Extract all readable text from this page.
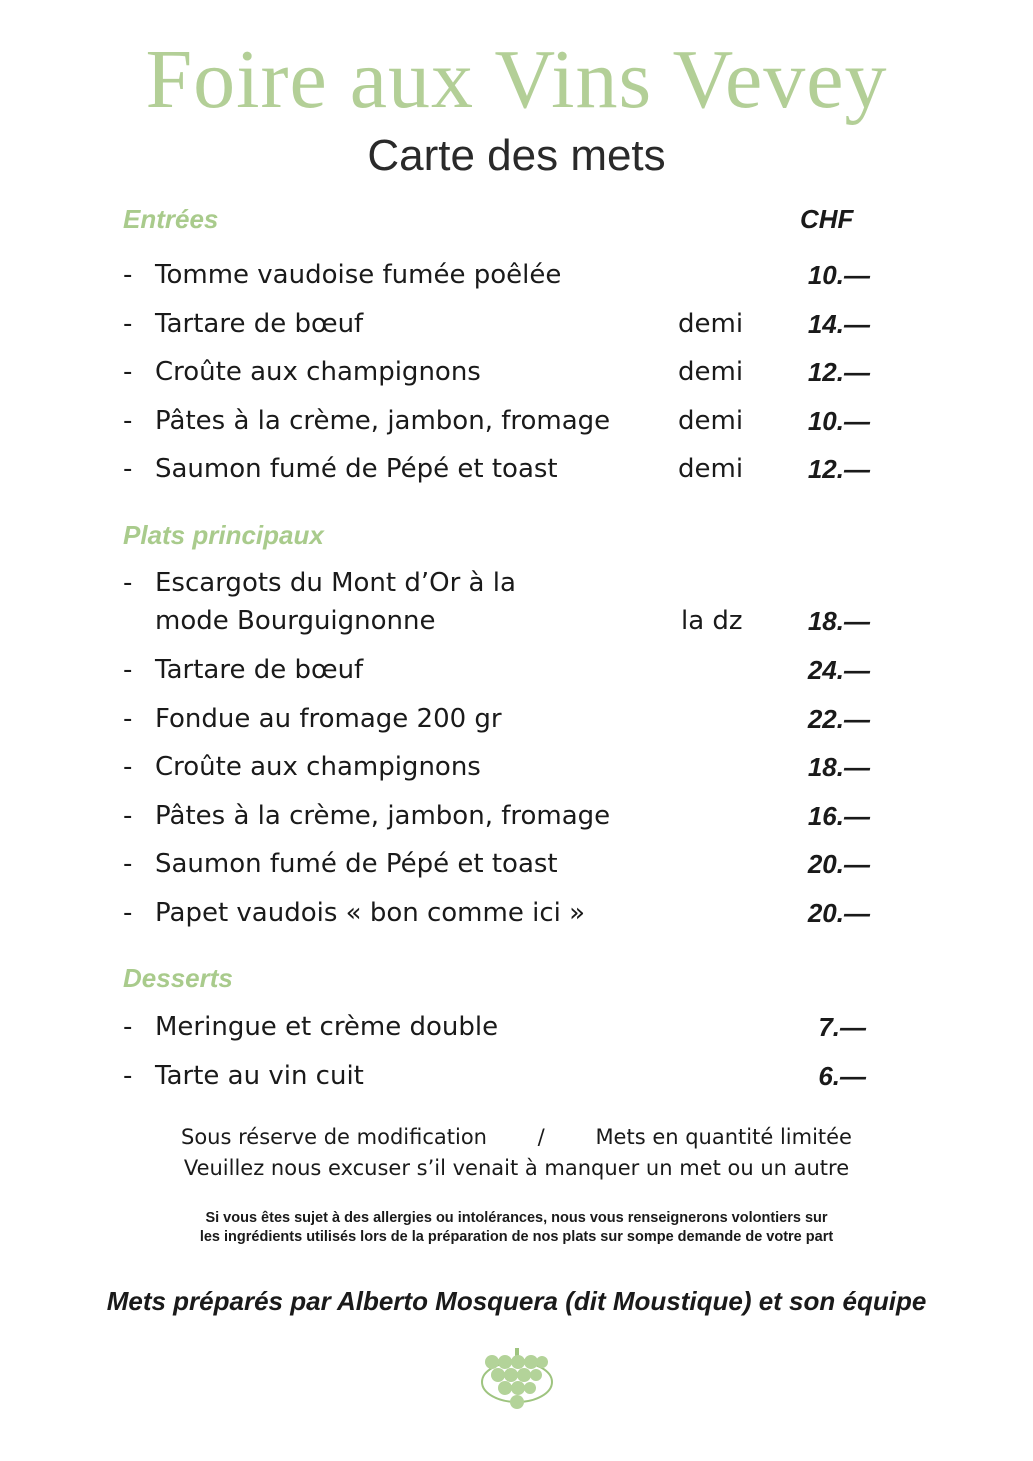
Foire aux Vins Vevey
Carte des mets
Entrées	CHF
- Tomme vaudoise fumée poêlée	10.—
- Tartare de bœuf	demi	14.—
- Croûte aux champignons	demi	12.—
- Pâtes à la crème, jambon, fromage	demi	10.—
- Saumon fumé de Pépé et toast	demi	12.—
Plats principaux
- Escargots du Mont d’Or à la
mode Bourguignonne	la dz	18.—
- Tartare de bœuf	24.—
- Fondue au fromage 200 gr	22.—
- Croûte aux champignons	18.—
- Pâtes à la crème, jambon, fromage	16.—
- Saumon fumé de Pépé et toast	20.—
- Papet vaudois « bon comme ici »	20.—
Desserts
- Meringue et crème double	7.—
- Tarte au vin cuit	6.—
Sous réserve de modification / Mets en quantité limitée
Veuillez nous excuser s’il venait à manquer un met ou un autre
Si vous êtes sujet à des allergies ou intolérances, nous vous renseignerons volontiers sur
les ingrédients utilisés lors de la préparation de nos plats sur sompe demande de votre part
Mets préparés par Alberto Mosquera (dit Moustique) et son équipe
